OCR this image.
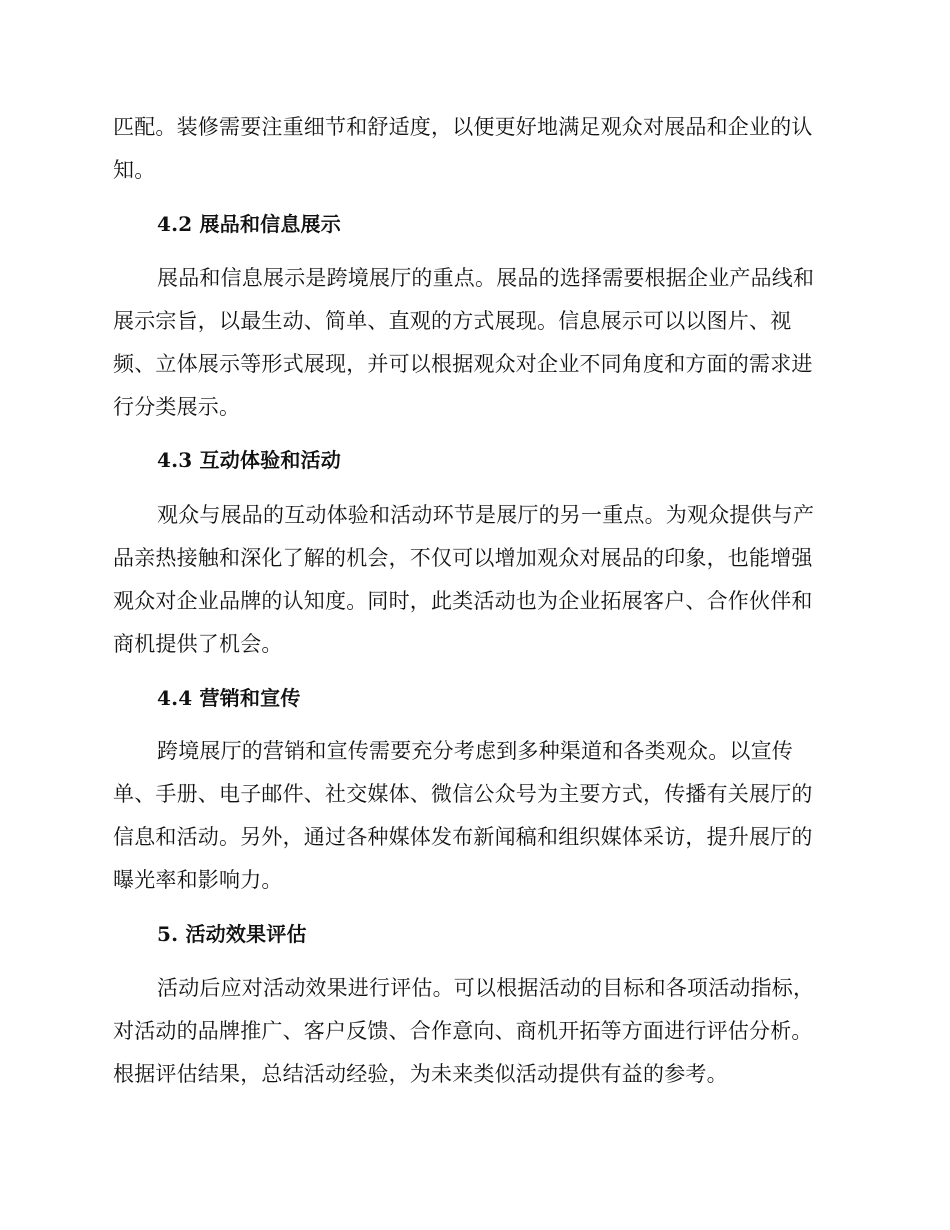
匹配。装修需要注重细节和舒适度，以便更好地满足观众对展品和企业的认
知。
4.2 展品和信息展示
展品和信息展示是跨境展厅的重点。展品的选择需要根据企业产品线和
展示宗旨，以最生动、简单、直观的方式展现。信息展示可以以图片、视
频、立体展示等形式展现，并可以根据观众对企业不同角度和方面的需求进
行分类展示。
4.3 互动体验和活动
观众与展品的互动体验和活动环节是展厅的另一重点。为观众提供与产
品亲热接触和深化了解的机会，不仅可以增加观众对展品的印象，也能增强
观众对企业品牌的认知度。同时，此类活动也为企业拓展客户、合作伙伴和
商机提供了机会。
4.4 营销和宣传
跨境展厅的营销和宣传需要充分考虑到多种渠道和各类观众。以宣传
单、手册、电子邮件、社交媒体、微信公众号为主要方式，传播有关展厅的
信息和活动。另外，通过各种媒体发布新闻稿和组织媒体采访，提升展厅的
曝光率和影响力。
5. 活动效果评估
活动后应对活动效果进行评估。可以根据活动的目标和各项活动指标，
对活动的品牌推广、客户反馈、合作意向、商机开拓等方面进行评估分析。
根据评估结果，总结活动经验，为未来类似活动提供有益的参考。
